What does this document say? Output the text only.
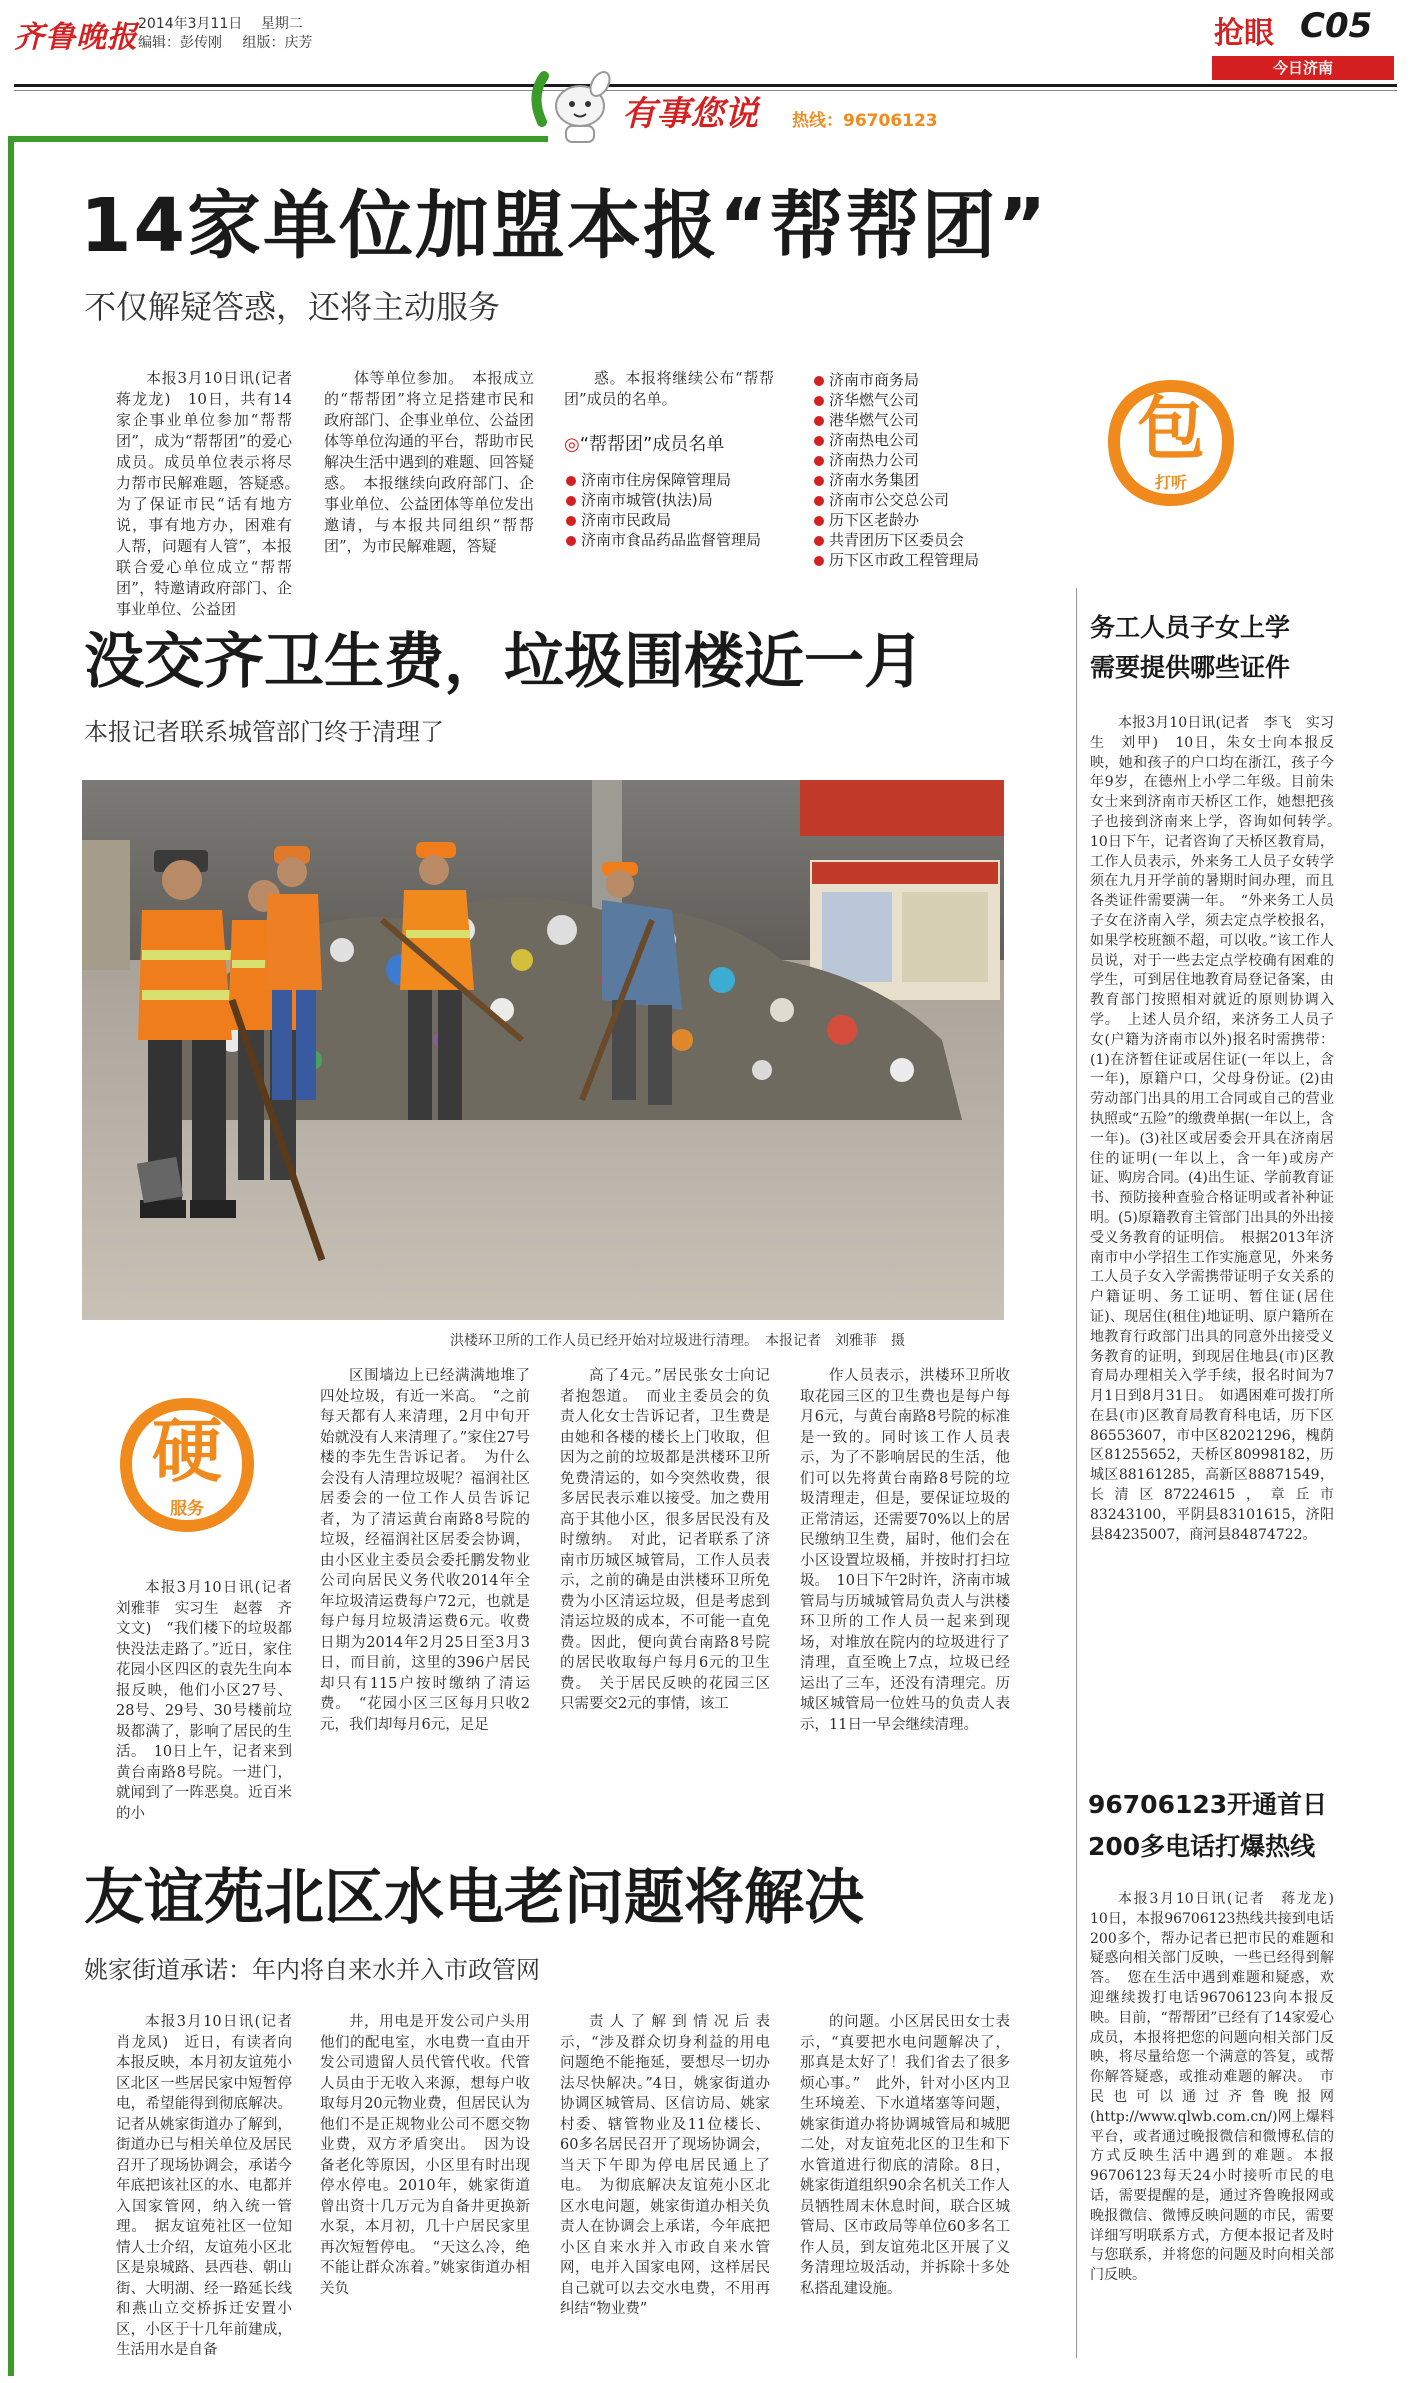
齐鲁晚报 2014年3月11日 星期二
编辑：彭传刚 组版：庆芳	抢眼 C05
今日济南
有事您说 热线：96706123
14家单位加盟本报“帮帮团”
不仅解疑答惑，还将主动服务

本报3月10日讯(记者　蒋龙龙)　10日，共有14家企事业单位参加“帮帮团”，成为“帮帮团”的爱心成员。成员单位表示将尽力帮市民解难题，答疑惑。　为了保证市民“话有地方说，事有地方办，困难有人帮，问题有人管”，本报联合爱心单位成立“帮帮团”，特邀请政府部门、企事业单位、公益团

体等单位参加。　本报成立的“帮帮团”将立足搭建市民和政府部门、企事业单位、公益团体等单位沟通的平台，帮助市民解决生活中遇到的难题、回答疑惑。　本报继续向政府部门、企事业单位、公益团体等单位发出邀请，与本报共同组织“帮帮团”，为市民解难题，答疑

惑。本报将继续公布“帮帮团”成员的名单。

◎“帮帮团”成员名单
济南市住房保障管理局
济南市城管(执法)局
济南市民政局
济南市食品药品监督管理局
济南市商务局
济华燃气公司
港华燃气公司
济南热电公司
济南热力公司
济南水务集团
济南市公交总公司
历下区老龄办
共青团历下区委员会
历下区市政工程管理局
包
打听
务工人员子女上学
需要提供哪些证件

本报3月10日讯(记者　李飞　实习生　刘甲)　10日，朱女士向本报反映，她和孩子的户口均在浙江，孩子今年9岁，在德州上小学二年级。目前朱女士来到济南市天桥区工作，她想把孩子也接到济南来上学，咨询如何转学。　10日下午，记者咨询了天桥区教育局，工作人员表示，外来务工人员子女转学须在九月开学前的暑期时间办理，而且各类证件需要满一年。　“外来务工人员子女在济南入学，须去定点学校报名，如果学校班额不超，可以收。”该工作人员说，对于一些去定点学校确有困难的学生，可到居住地教育局登记备案，由教育部门按照相对就近的原则协调入学。　上述人员介绍，来济务工人员子女(户籍为济南市以外)报名时需携带：(1)在济暂住证或居住证(一年以上，含一年)，原籍户口，父母身份证。(2)由劳动部门出具的用工合同或自己的营业执照或“五险”的缴费单据(一年以上，含一年)。(3)社区或居委会开具在济南居住的证明(一年以上，含一年)或房产证、购房合同。(4)出生证、学前教育证书、预防接种查验合格证明或者补种证明。(5)原籍教育主管部门出具的外出接受义务教育的证明信。　根据2013年济南市中小学招生工作实施意见，外来务工人员子女入学需携带证明子女关系的户籍证明、务工证明、暂住证(居住证)、现居住(租住)地证明、原户籍所在地教育行政部门出具的同意外出接受义务教育的证明，到现居住地县(市)区教育局办理相关入学手续，报名时间为7月1日到8月31日。　如遇困难可拨打所在县(市)区教育局教育科电话，历下区86553607，市中区82021296，槐荫区81255652，天桥区80998182，历城区88161285，高新区88871549，长清区87224615，章丘市83243100，平阴县83101615，济阳县84235007，商河县84874722。

96706123开通首日
200多电话打爆热线

本报3月10日讯(记者　蒋龙龙)　10日，本报96706123热线共接到电话200多个，帮办记者已把市民的难题和疑惑向相关部门反映，一些已经得到解答。　您在生活中遇到难题和疑惑，欢迎继续拨打电话96706123向本报反映。目前，“帮帮团”已经有了14家爱心成员，本报将把您的问题向相关部门反映，将尽量给您一个满意的答复，或帮你解答疑惑，或推动难题的解决。　市民也可以通过齐鲁晚报网(http://www.qlwb.com.cn/)网上爆料平台，或者通过晚报微信和微博私信的方式反映生活中遇到的难题。本报96706123每天24小时接听市民的电话，需要提醒的是，通过齐鲁晚报网或晚报微信、微博反映问题的市民，需要详细写明联系方式，方便本报记者及时与您联系，并将您的问题及时向相关部门反映。

没交齐卫生费，垃圾围楼近一月
本报记者联系城管部门终于清理了
洪楼环卫所的工作人员已经开始对垃圾进行清理。　本报记者　刘雅菲　摄
硬
服务

本报3月10日讯(记者　刘雅菲　实习生　赵蓉　齐文文)　“我们楼下的垃圾都快没法走路了。”近日，家住花园小区四区的袁先生向本报反映，他们小区27号、28号、29号、30号楼前垃圾都满了，影响了居民的生活。　10日上午，记者来到黄台南路8号院。一进门，就闻到了一阵恶臭。近百米的小

区围墙边上已经满满地堆了四处垃圾，有近一米高。　“之前每天都有人来清理，2月中旬开始就没有人来清理了。”家住27号楼的李先生告诉记者。　为什么会没有人清理垃圾呢？福润社区居委会的一位工作人员告诉记者，为了清运黄台南路8号院的垃圾，经福润社区居委会协调，由小区业主委员会委托鹏发物业公司向居民义务代收2014年全年垃圾清运费每户72元，也就是每户每月垃圾清运费6元。收费日期为2014年2月25日至3月3日，而目前，这里的396户居民却只有115户按时缴纳了清运费。　“花园小区三区每月只收2元，我们却每月6元，足足

高了4元。”居民张女士向记者抱怨道。　而业主委员会的负责人化女士告诉记者，卫生费是由她和各楼的楼长上门收取，但因为之前的垃圾都是洪楼环卫所免费清运的，如今突然收费，很多居民表示难以接受。加之费用高于其他小区，很多居民没有及时缴纳。　对此，记者联系了济南市历城区城管局，工作人员表示，之前的确是由洪楼环卫所免费为小区清运垃圾，但是考虑到清运垃圾的成本，不可能一直免费。因此，便向黄台南路8号院的居民收取每户每月6元的卫生费。　关于居民反映的花园三区只需要交2元的事情，该工

作人员表示，洪楼环卫所收取花园三区的卫生费也是每户每月6元，与黄台南路8号院的标准是一致的。同时该工作人员表示，为了不影响居民的生活，他们可以先将黄台南路8号院的垃圾清理走，但是，要保证垃圾的正常清运，还需要70%以上的居民缴纳卫生费，届时，他们会在小区设置垃圾桶，并按时打扫垃圾。　10日下午2时许，济南市城管局与历城城管局负责人与洪楼环卫所的工作人员一起来到现场，对堆放在院内的垃圾进行了清理，直至晚上7点，垃圾已经运出了三车，还没有清理完。历城区城管局一位姓马的负责人表示，11日一早会继续清理。

友谊苑北区水电老问题将解决
姚家街道承诺：年内将自来水并入市政管网

本报3月10日讯(记者　肖龙凤)　近日，有读者向本报反映，本月初友谊苑小区北区一些居民家中短暂停电，希望能得到彻底解决。记者从姚家街道办了解到，街道办已与相关单位及居民召开了现场协调会，承诺今年底把该社区的水、电都并入国家管网，纳入统一管理。　据友谊苑社区一位知情人士介绍，友谊苑小区北区是泉城路、县西巷、朝山街、大明湖、经一路延长线和燕山立交桥拆迁安置小区，小区于十几年前建成，生活用水是自备

井，用电是开发公司户头用他们的配电室，水电费一直由开发公司遗留人员代管代收。代管人员由于无收入来源，想每户收取每月20元物业费，但居民认为他们不是正规物业公司不愿交物业费，双方矛盾突出。　因为设备老化等原因，小区里有时出现停水停电。2010年，姚家街道曾出资十几万元为自备井更换新水泵，本月初，几十户居民家里再次短暂停电。　“天这么冷，绝不能让群众冻着。”姚家街道办相关负

责人了解到情况后表示，“涉及群众切身利益的用电问题绝不能拖延，要想尽一切办法尽快解决。”4日，姚家街道办协调区城管局、区信访局、姚家村委、辖管物业及11位楼长、60多名居民召开了现场协调会，当天下午即为停电居民通上了电。　为彻底解决友谊苑小区北区水电问题，姚家街道办相关负责人在协调会上承诺，今年底把小区自来水并入市政自来水管网，电并入国家电网，这样居民自己就可以去交水电费，不用再纠结“物业费”

的问题。小区居民田女士表示，“真要把水电问题解决了，那真是太好了！我们省去了很多烦心事。”　此外，针对小区内卫生环境差、下水道堵塞等问题，姚家街道办将协调城管局和城肥二处，对友谊苑北区的卫生和下水管道进行彻底的清除。8日，姚家街道组织90余名机关工作人员牺牲周末休息时间，联合区城管局、区市政局等单位60多名工作人员，到友谊苑北区开展了义务清理垃圾活动，并拆除十多处私搭乱建设施。
